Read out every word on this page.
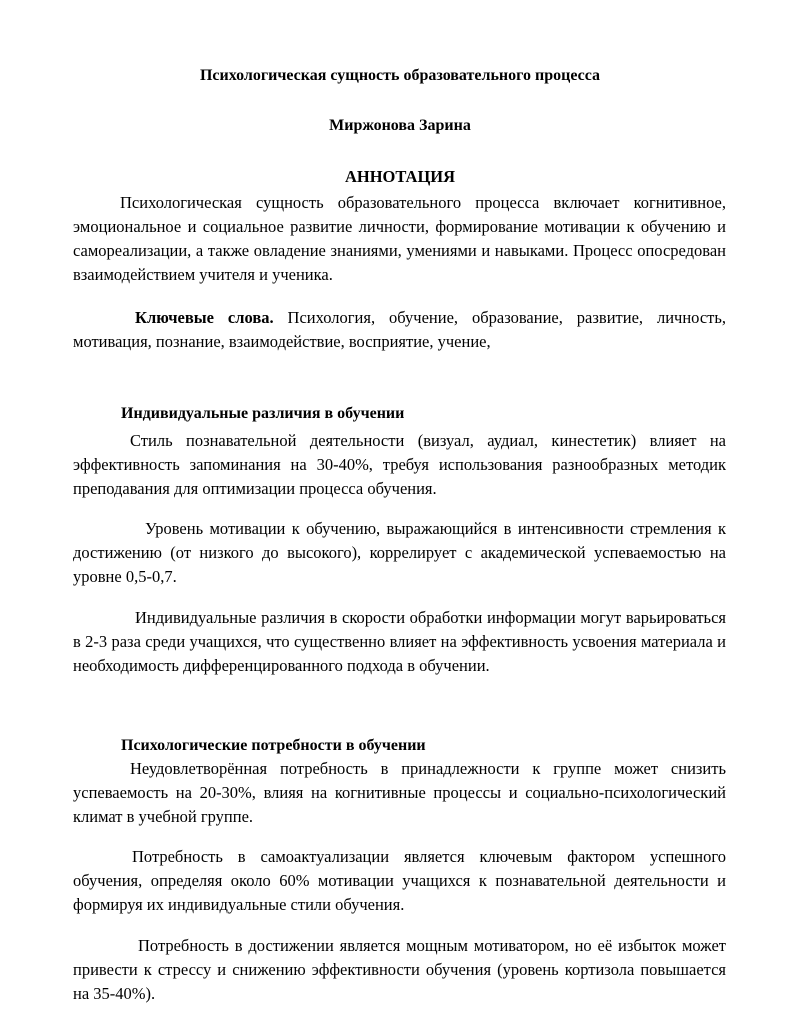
Психологическая сущность образовательного процесса
Миржонова Зарина
АННОТАЦИЯ
Психологическая сущность образовательного процесса включает когнитивное, эмоциональное и социальное развитие личности, формирование мотивации к обучению и самореализации, а также овладение знаниями, умениями и навыками. Процесс опосредован взаимодействием учителя и ученика.
Ключевые слова. Психология, обучение, образование, развитие, личность, мотивация, познание, взаимодействие, восприятие, учение,
Индивидуальные различия в обучении
Стиль познавательной деятельности (визуал, аудиал, кинестетик) влияет на эффективность запоминания на 30-40%, требуя использования разнообразных методик преподавания для оптимизации процесса обучения.
Уровень мотивации к обучению, выражающийся в интенсивности стремления к достижению (от низкого до высокого), коррелирует с академической успеваемостью на уровне 0,5-0,7.
Индивидуальные различия в скорости обработки информации могут варьироваться в 2-3 раза среди учащихся, что существенно влияет на эффективность усвоения материала и необходимость дифференцированного подхода в обучении.
Психологические потребности в обучении
Неудовлетворённая потребность в принадлежности к группе может снизить успеваемость на 20-30%, влияя на когнитивные процессы и социально-психологический климат в учебной группе.
Потребность в самоактуализации является ключевым фактором успешного обучения, определяя около 60% мотивации учащихся к познавательной деятельности и формируя их индивидуальные стили обучения.
Потребность в достижении является мощным мотиватором, но её избыток может привести к стрессу и снижению эффективности обучения (уровень кортизола повышается на 35-40%).
